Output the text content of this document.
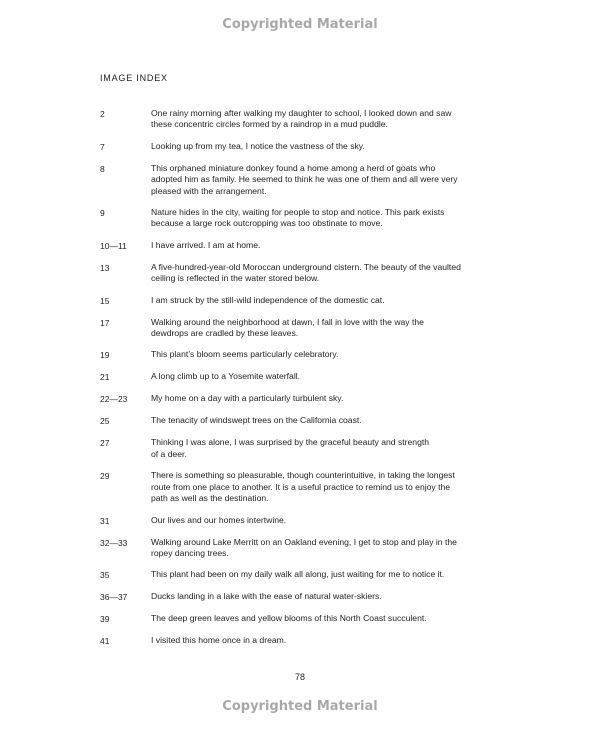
Copyrighted Material
IMAGE INDEX
2	One rainy morning after walking my daughter to school, I looked down and saw
these concentric circles formed by a raindrop in a mud puddle.
7	Looking up from my tea, I notice the vastness of the sky.
8	This orphaned miniature donkey found a home among a herd of goats who
adopted him as family. He seemed to think he was one of them and all were very
pleased with the arrangement.
9	Nature hides in the city, waiting for people to stop and notice. This park exists
because a large rock outcropping was too obstinate to move.
10—11	I have arrived. I am at home.
13	A five-hundred-year-old Moroccan underground cistern. The beauty of the vaulted
ceiling is reflected in the water stored below.
15	I am struck by the still-wild independence of the domestic cat.
17	Walking around the neighborhood at dawn, I fall in love with the way the
dewdrops are cradled by these leaves.
19	This plant’s bloom seems particularly celebratory.
21	A long climb up to a Yosemite waterfall.
22—23	My home on a day with a particularly turbulent sky.
25	The tenacity of windswept trees on the California coast.
27	Thinking I was alone, I was surprised by the graceful beauty and strength
of a deer.
29	There is something so pleasurable, though counterintuitive, in taking the longest
route from one place to another. It is a useful practice to remind us to enjoy the
path as well as the destination.
31	Our lives and our homes intertwine.
32—33	Walking around Lake Merritt on an Oakland evening, I get to stop and play in the
ropey dancing trees.
35	This plant had been on my daily walk all along, just waiting for me to notice it.
36—37	Ducks landing in a lake with the ease of natural water-skiers.
39	The deep green leaves and yellow blooms of this North Coast succulent.
41	I visited this home once in a dream.
78
Copyrighted Material
